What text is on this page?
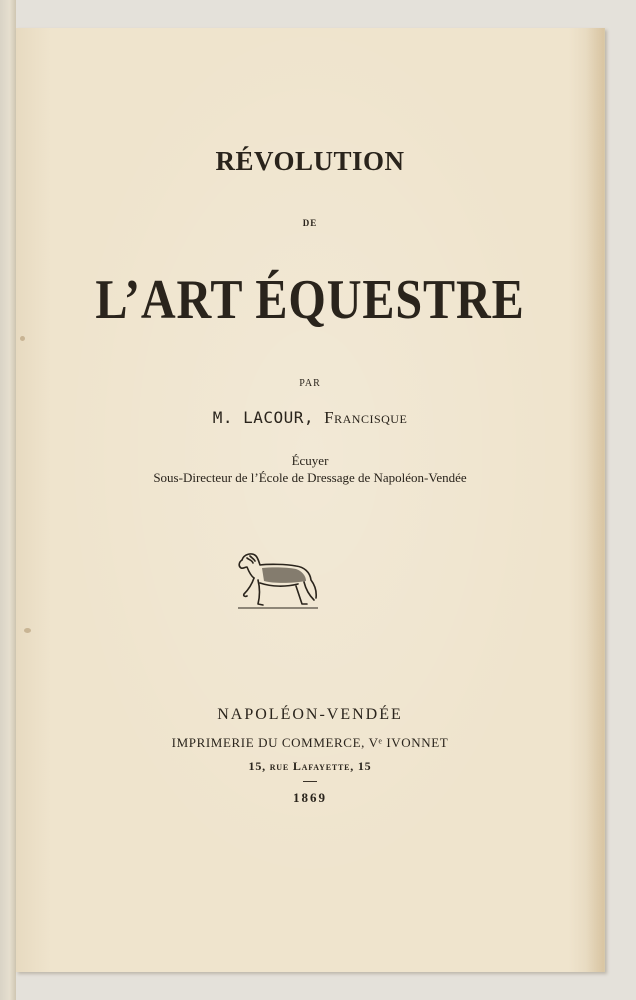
RÉVOLUTION

DE

L’ART ÉQUESTRE

PAR

M. LACOUR, Francisque

Écuyer

Sous-Directeur de l’École de Dressage de Napoléon-Vendée

NAPOLÉON-VENDÉE

IMPRIMERIE DU COMMERCE, Vᵉ IVONNET

15, rue Lafayette, 15

1869
